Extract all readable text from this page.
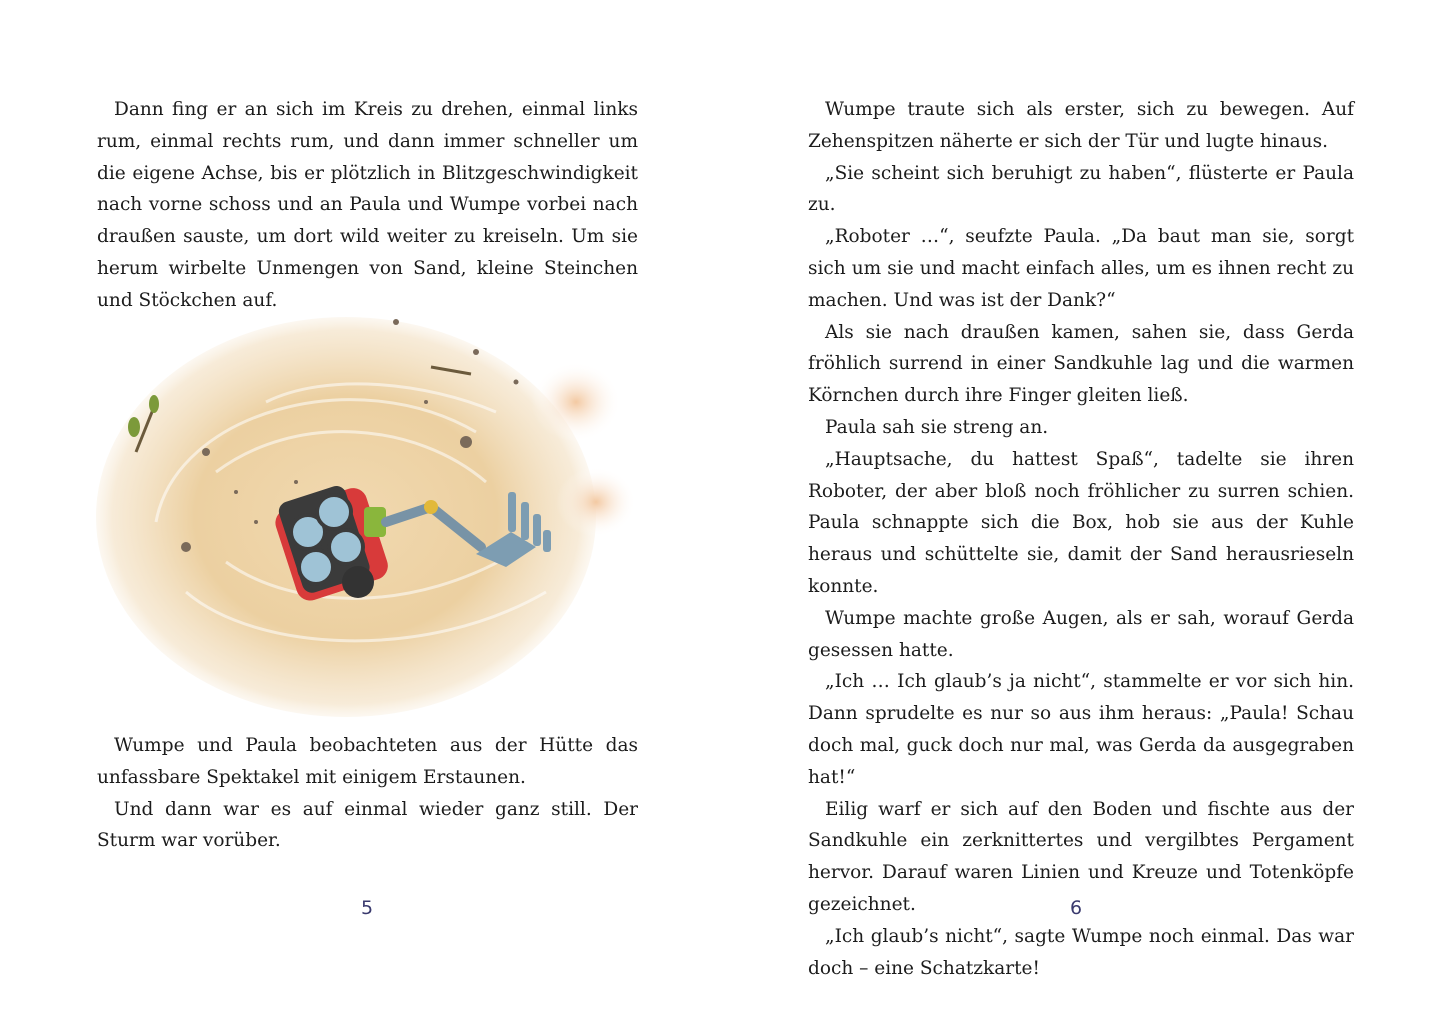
Dann fing er an sich im Kreis zu drehen, einmal links rum, einmal rechts rum, und dann immer schneller um die eigene Achse, bis er plötzlich in Blitzgeschwindigkeit nach vorne schoss und an Paula und Wumpe vorbei nach draußen sauste, um dort wild weiter zu kreiseln. Um sie herum wirbelte Unmengen von Sand, kleine Steinchen und Stöckchen auf.

Wumpe und Paula beobachteten aus der Hütte das unfassbare Spektakel mit einigem Erstaunen.

Und dann war es auf einmal wieder ganz still. Der Sturm war vorüber.

5

Wumpe traute sich als erster, sich zu bewegen. Auf Zehenspitzen näherte er sich der Tür und lugte hinaus.

„Sie scheint sich beruhigt zu haben“, flüsterte er Paula zu.

„Roboter …“, seufzte Paula. „Da baut man sie, sorgt sich um sie und macht einfach alles, um es ihnen recht zu machen. Und was ist der Dank?“

Als sie nach draußen kamen, sahen sie, dass Gerda fröhlich surrend in einer Sandkuhle lag und die warmen Körnchen durch ihre Finger gleiten ließ.

Paula sah sie streng an.

„Hauptsache, du hattest Spaß“, tadelte sie ihren Roboter, der aber bloß noch fröhlicher zu surren schien. Paula schnappte sich die Box, hob sie aus der Kuhle heraus und schüttelte sie, damit der Sand herausrieseln konnte.

Wumpe machte große Augen, als er sah, worauf Gerda gesessen hatte.

„Ich … Ich glaub’s ja nicht“, stammelte er vor sich hin. Dann sprudelte es nur so aus ihm heraus: „Paula! Schau doch mal, guck doch nur mal, was Gerda da ausgegraben hat!“

Eilig warf er sich auf den Boden und fischte aus der Sandkuhle ein zerknittertes und vergilbtes Pergament hervor. Darauf waren Linien und Kreuze und Totenköpfe gezeichnet.

„Ich glaub’s nicht“, sagte Wumpe noch einmal. Das war doch – eine Schatzkarte!

6
